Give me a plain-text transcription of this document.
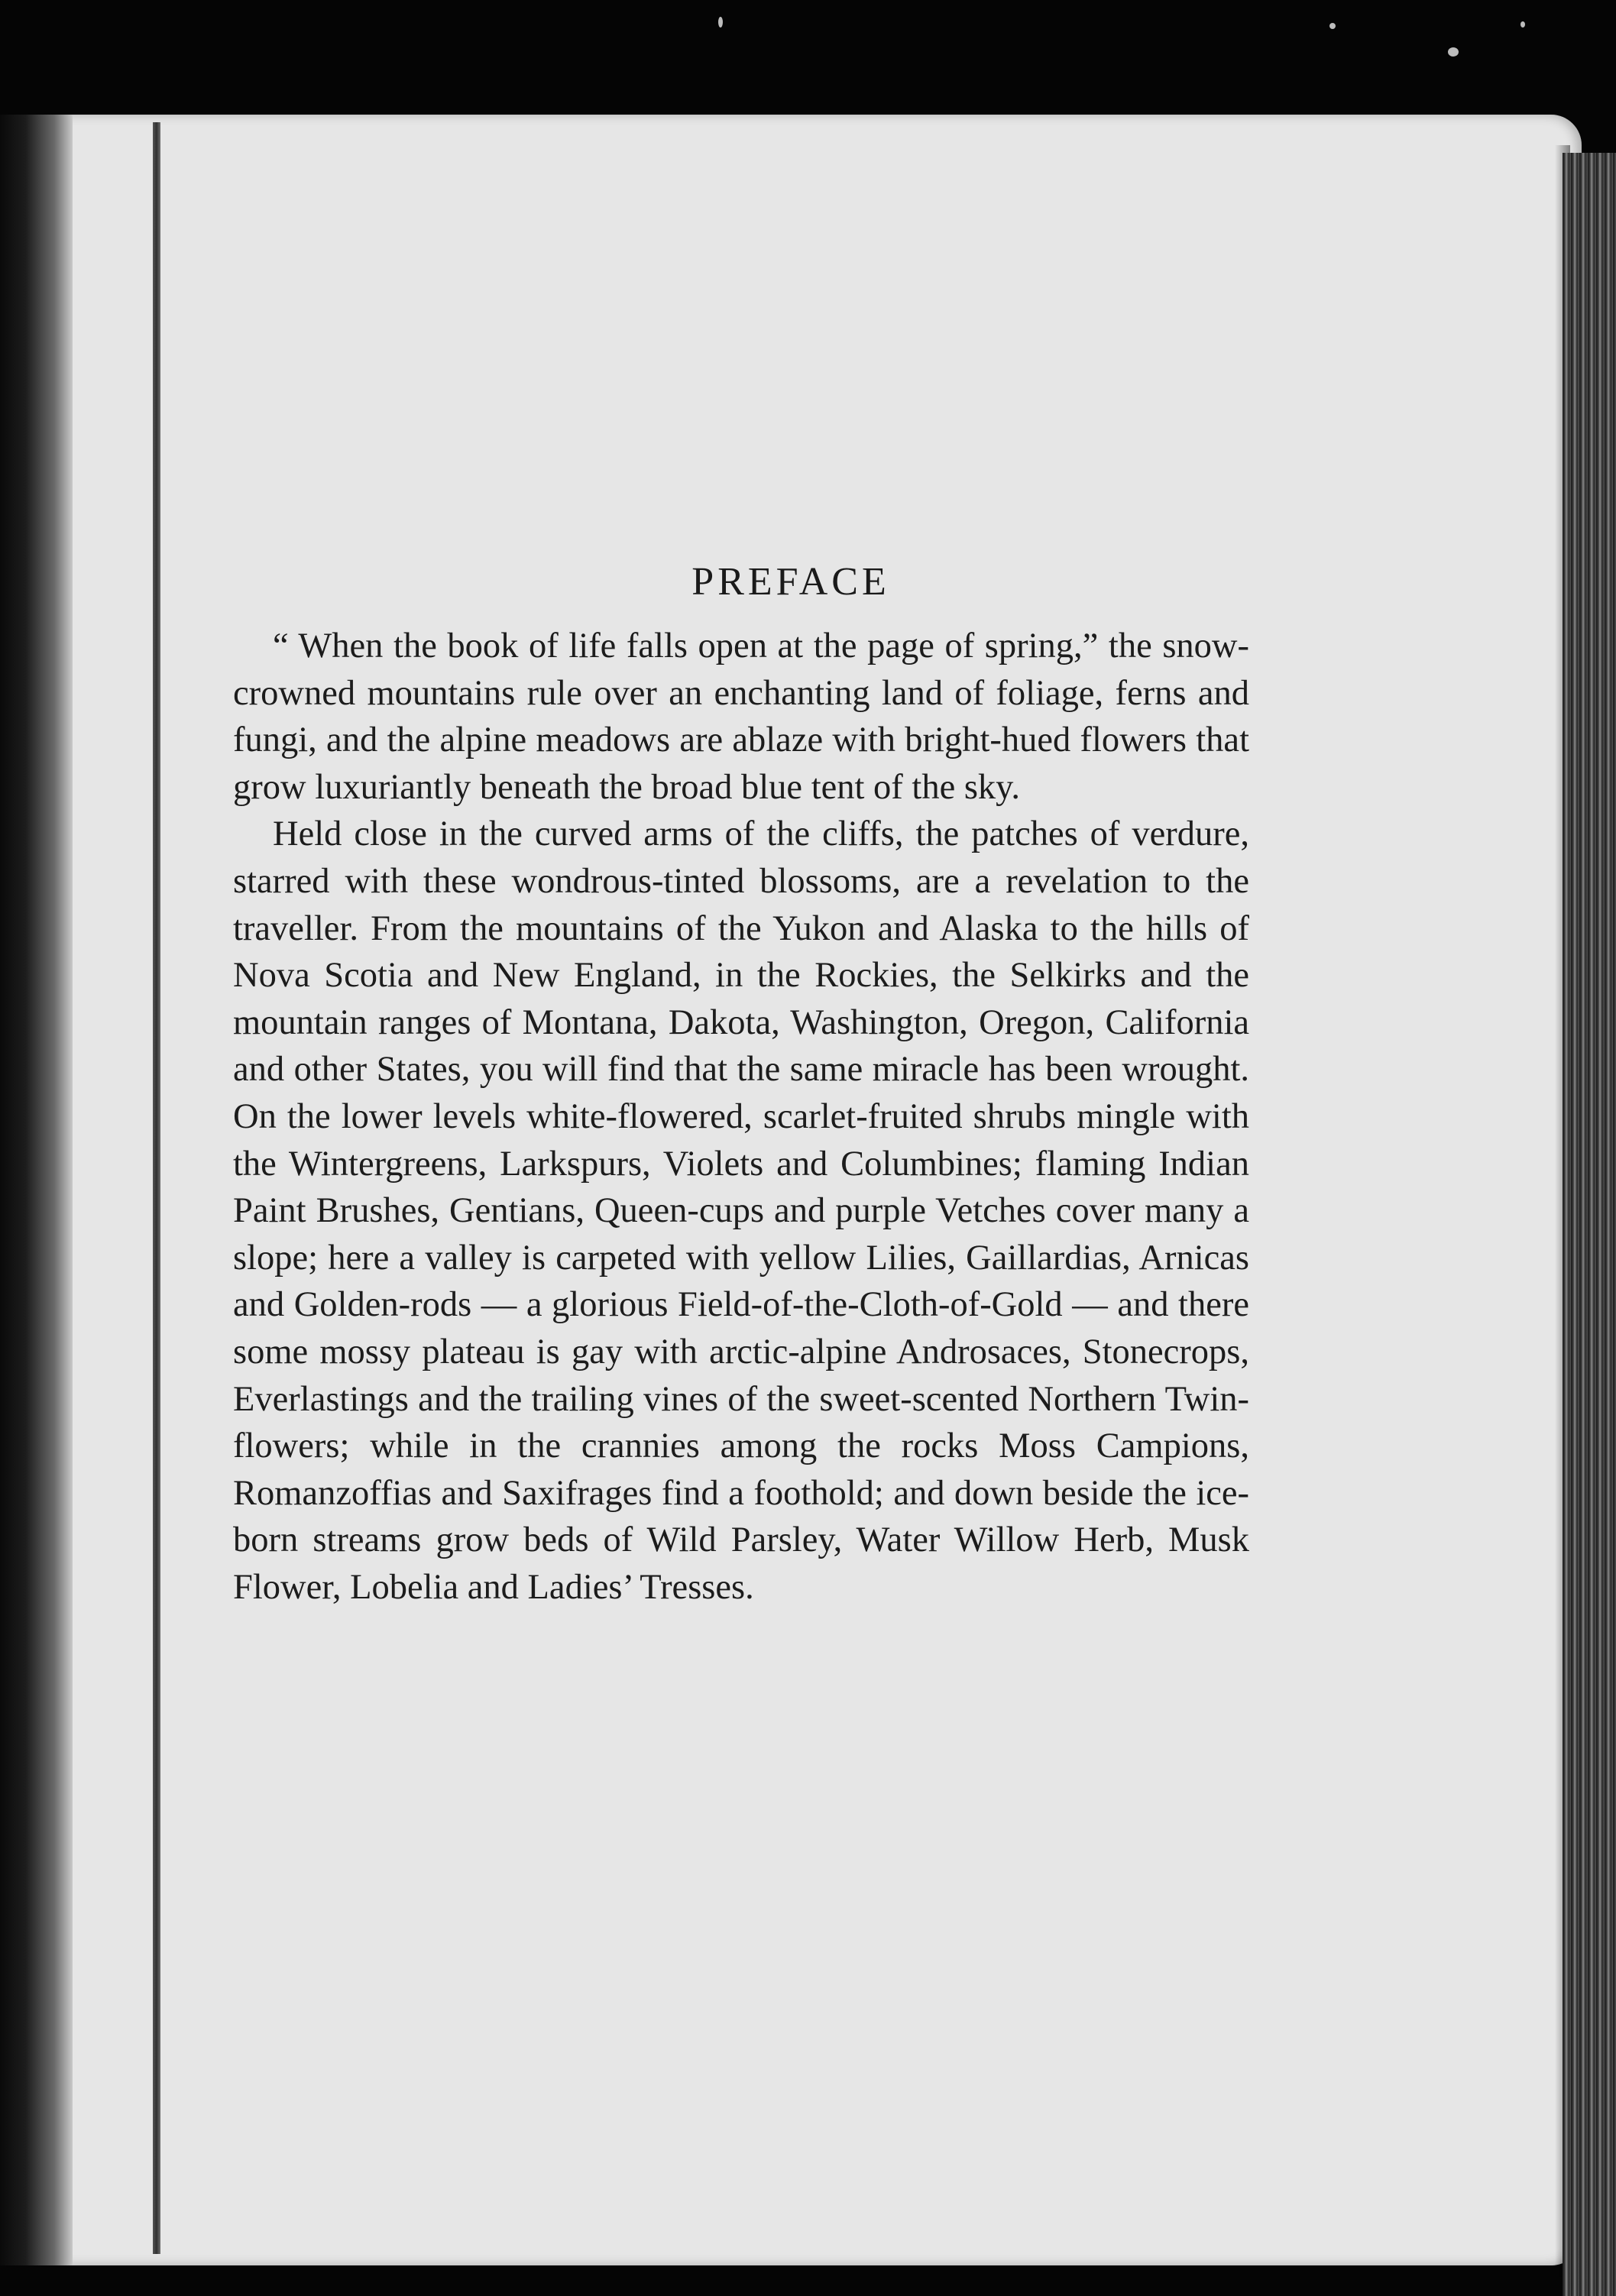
PREFACE

“ When the book of life falls open at the page of spring,” the snow-crowned mountains rule over an enchanting land of foliage, ferns and fungi, and the alpine meadows are ablaze with bright-hued flowers that grow luxuriantly beneath the broad blue tent of the sky.

Held close in the curved arms of the cliffs, the patches of verdure, starred with these wondrous-tinted blossoms, are a revelation to the traveller. From the mountains of the Yukon and Alaska to the hills of Nova Scotia and New England, in the Rockies, the Selkirks and the mountain ranges of Montana, Dakota, Washington, Oregon, California and other States, you will find that the same miracle has been wrought. On the lower levels white-flowered, scarlet-fruited shrubs mingle with the Wintergreens, Larkspurs, Violets and Columbines; flaming Indian Paint Brushes, Gentians, Queen-cups and purple Vetches cover many a slope; here a valley is carpeted with yellow Lilies, Gaillardias, Arnicas and Golden-rods — a glorious Field-of-the-Cloth-of-Gold — and there some mossy plateau is gay with arctic-alpine Androsaces, Stonecrops, Everlastings and the trailing vines of the sweet-scented Northern Twin-flowers; while in the crannies among the rocks Moss Campions, Romanzoffias and Saxifrages find a foothold; and down beside the ice-born streams grow beds of Wild Parsley, Water Willow Herb, Musk Flower, Lobelia and Ladies’ Tresses.
